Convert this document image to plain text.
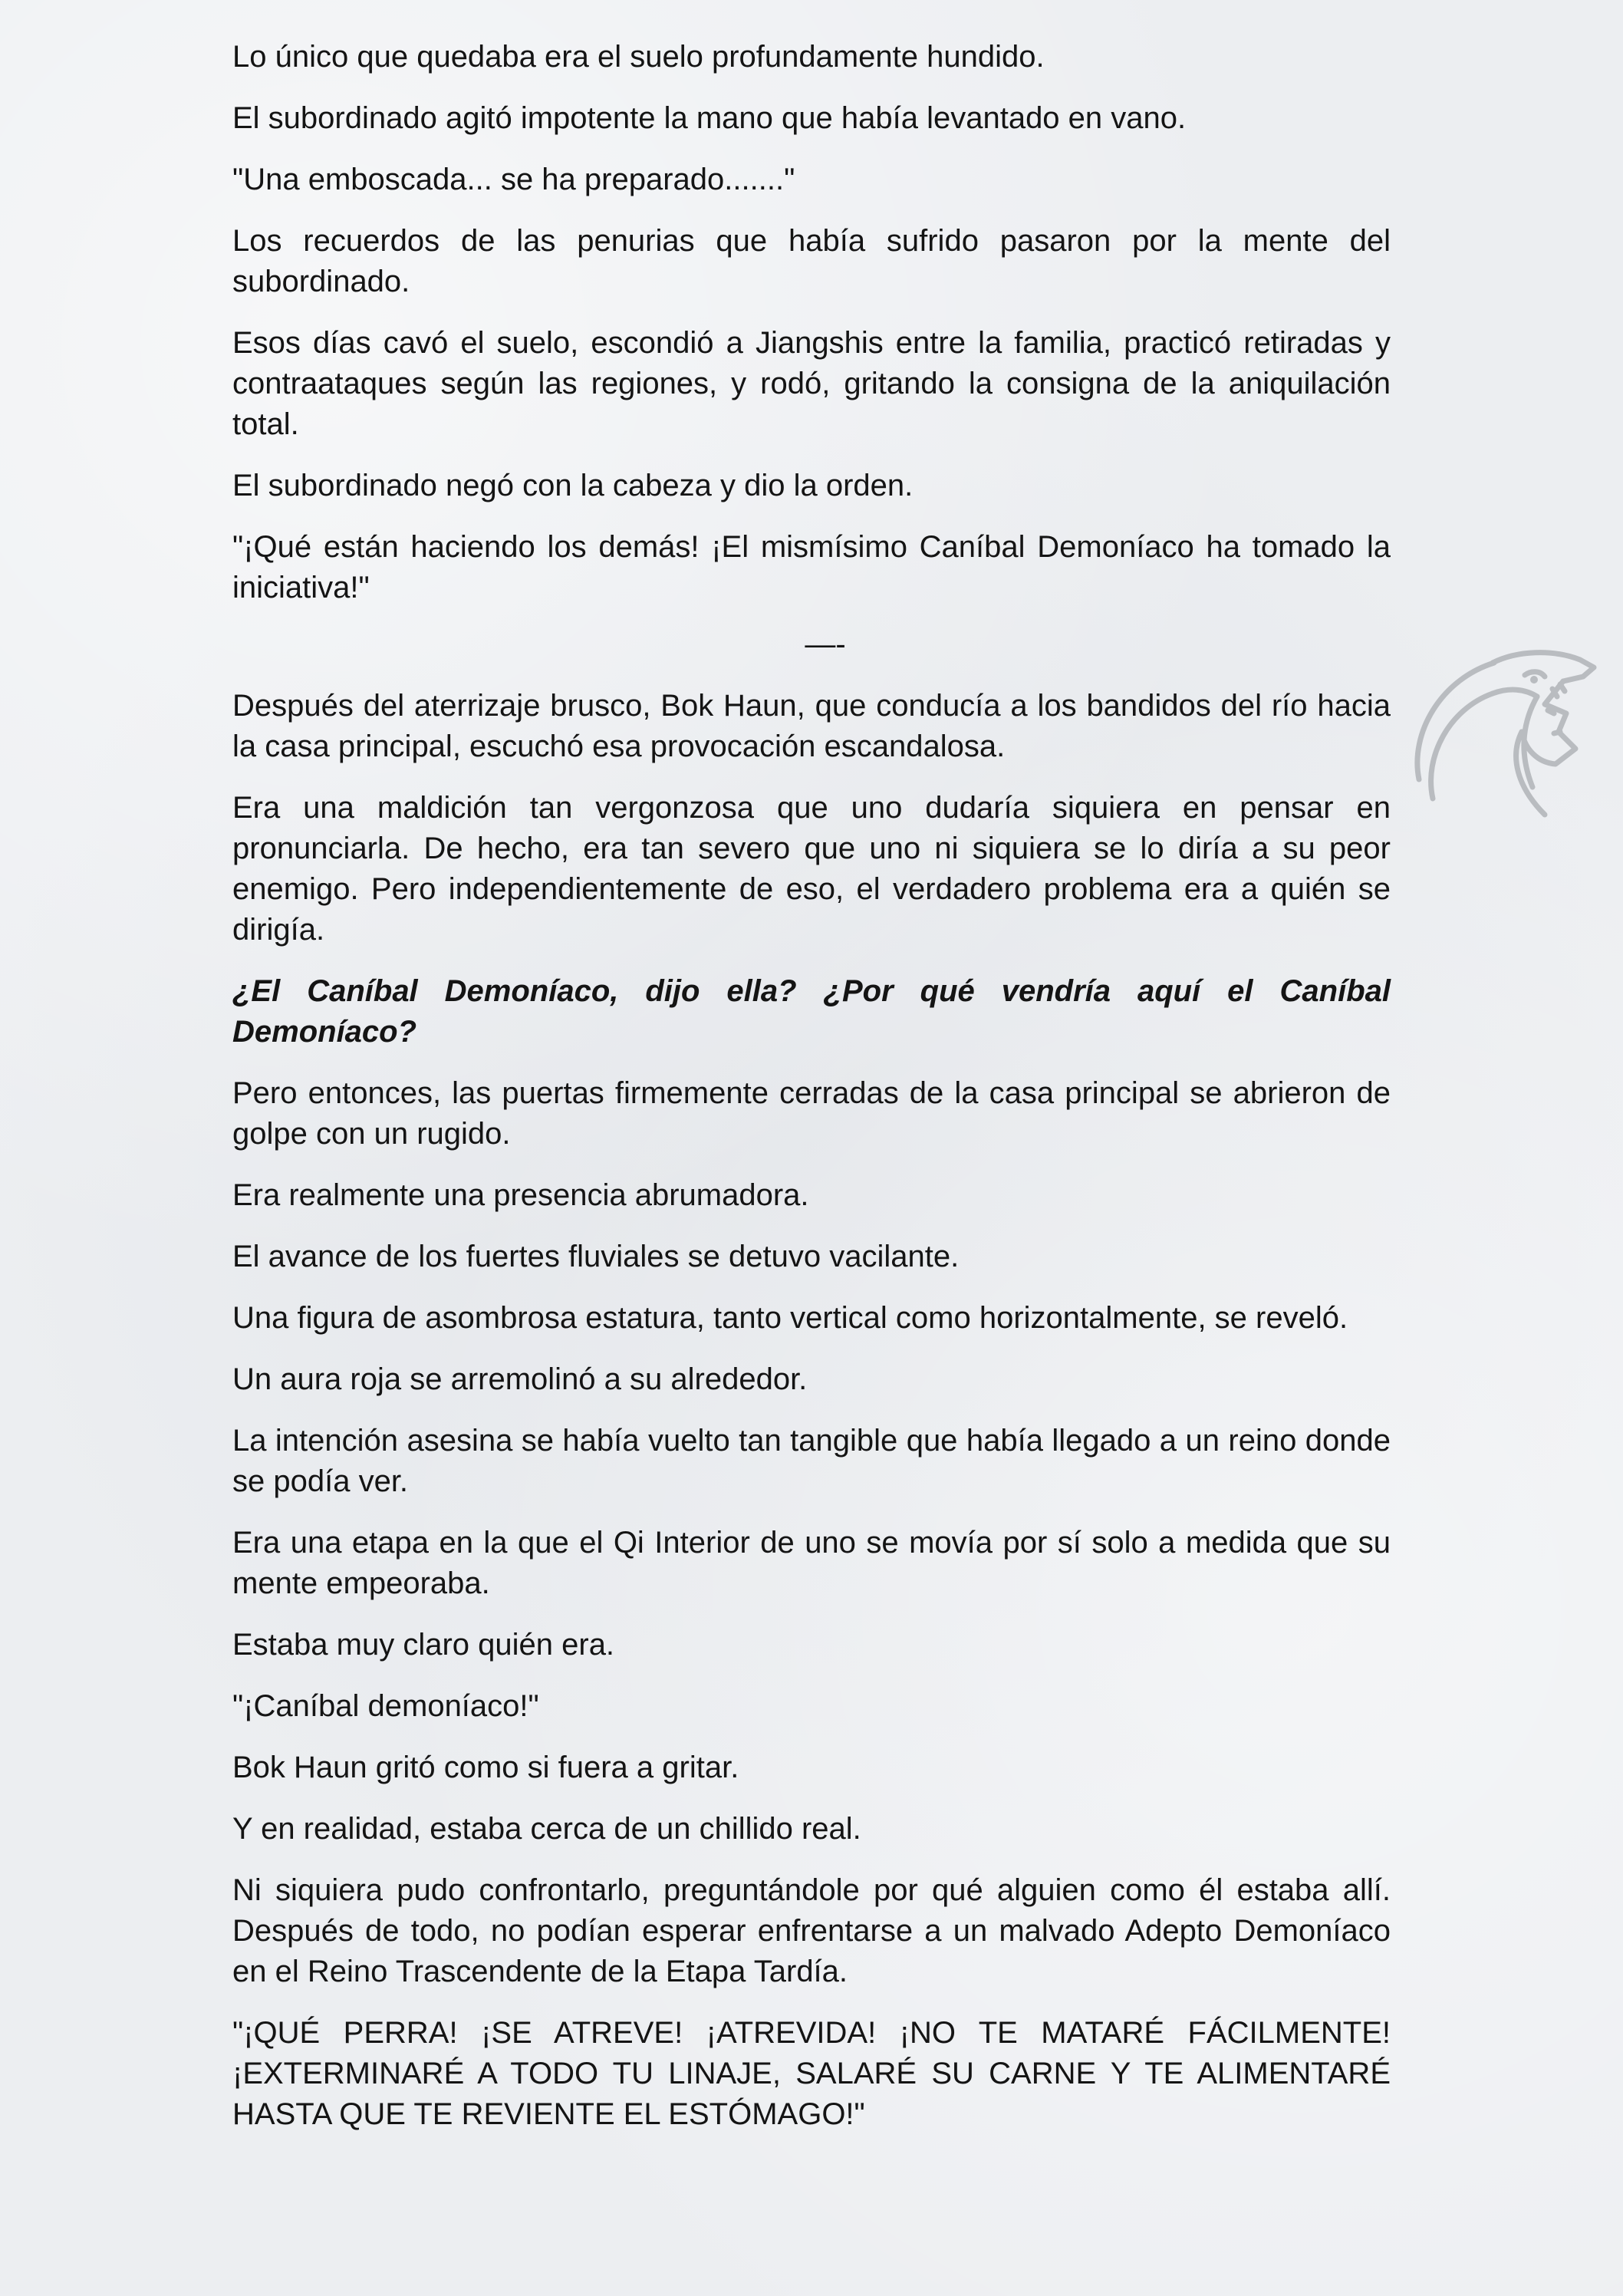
Lo único que quedaba era el suelo profundamente hundido.

El subordinado agitó impotente la mano que había levantado en vano.

"Una emboscada... se ha preparado......."

Los recuerdos de las penurias que había sufrido pasaron por la mente del subordinado.

Esos días cavó el suelo, escondió a Jiangshis entre la familia, practicó retiradas y contraataques según las regiones, y rodó, gritando la consigna de la aniquilación total.

El subordinado negó con la cabeza y dio la orden.

"¡Qué están haciendo los demás! ¡El mismísimo Caníbal Demoníaco ha tomado la iniciativa!"

—-

Después del aterrizaje brusco, Bok Haun, que conducía a los bandidos del río hacia la casa principal, escuchó esa provocación escandalosa.

Era una maldición tan vergonzosa que uno dudaría siquiera en pensar en pronunciarla. De hecho, era tan severo que uno ni siquiera se lo diría a su peor enemigo. Pero independientemente de eso, el verdadero problema era a quién se dirigía.

¿El Caníbal Demoníaco, dijo ella? ¿Por qué vendría aquí el Caníbal Demoníaco?

Pero entonces, las puertas firmemente cerradas de la casa principal se abrieron de golpe con un rugido.

Era realmente una presencia abrumadora.

El avance de los fuertes fluviales se detuvo vacilante.

Una figura de asombrosa estatura, tanto vertical como horizontalmente, se reveló.

Un aura roja se arremolinó a su alrededor.

La intención asesina se había vuelto tan tangible que había llegado a un reino donde se podía ver.

Era una etapa en la que el Qi Interior de uno se movía por sí solo a medida que su mente empeoraba.

Estaba muy claro quién era.

"¡Caníbal demoníaco!"

Bok Haun gritó como si fuera a gritar.

Y en realidad, estaba cerca de un chillido real.

Ni siquiera pudo confrontarlo, preguntándole por qué alguien como él estaba allí. Después de todo, no podían esperar enfrentarse a un malvado Adepto Demoníaco en el Reino Trascendente de la Etapa Tardía.

"¡QUÉ PERRA! ¡SE ATREVE! ¡ATREVIDA! ¡NO TE MATARÉ FÁCILMENTE! ¡EXTERMINARÉ A TODO TU LINAJE, SALARÉ SU CARNE Y TE ALIMENTARÉ HASTA QUE TE REVIENTE EL ESTÓMAGO!"
